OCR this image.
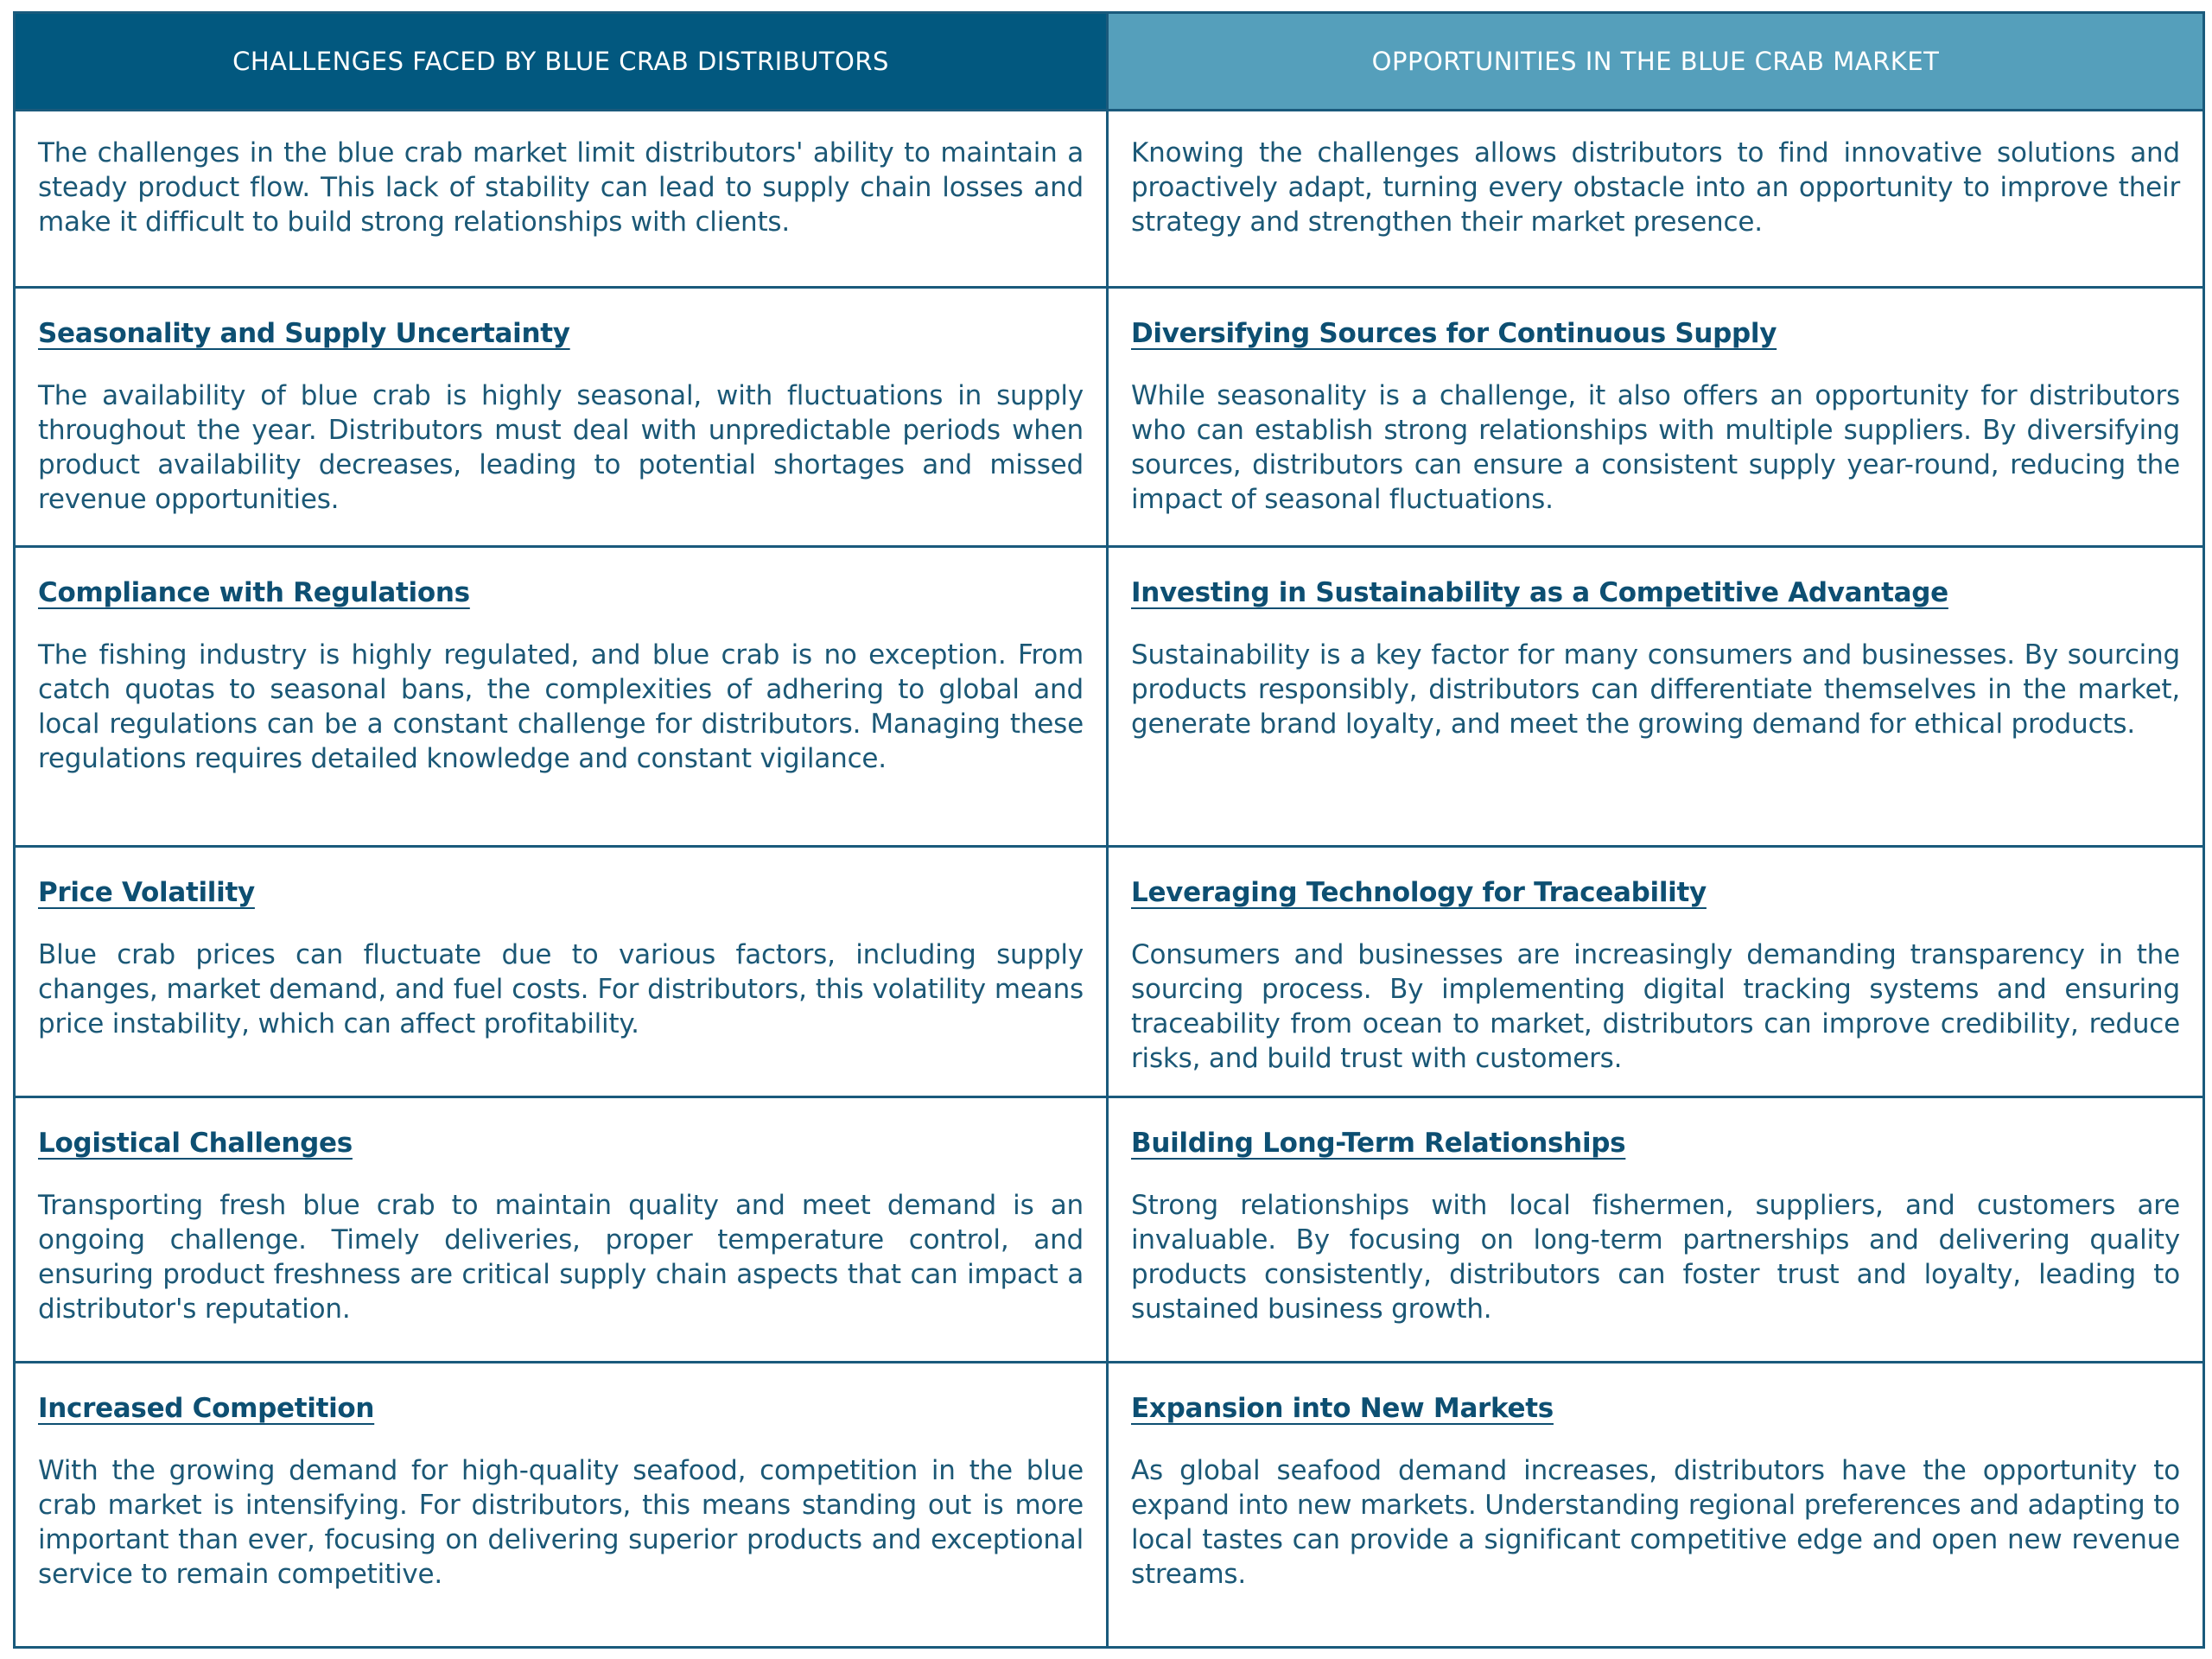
CHALLENGES FACED BY BLUE CRAB DISTRIBUTORS	OPPORTUNITIES IN THE BLUE CRAB MARKET

The challenges in the blue crab market limit distributors' ability to maintain a steady product flow. This lack of stability can lead to supply chain losses and make it difficult to build strong relationships with clients.

Knowing the challenges allows distributors to find innovative solutions and proactively adapt, turning every obstacle into an opportunity to improve their strategy and strengthen their market presence.

Seasonality and Supply Uncertainty

The availability of blue crab is highly seasonal, with fluctuations in supply throughout the year. Distributors must deal with unpredictable periods when product availability decreases, leading to potential shortages and missed revenue opportunities.

Diversifying Sources for Continuous Supply

While seasonality is a challenge, it also offers an opportunity for distributors who can establish strong relationships with multiple suppliers. By diversifying sources, distributors can ensure a consistent supply year-round, reducing the impact of seasonal fluctuations.

Compliance with Regulations

The fishing industry is highly regulated, and blue crab is no exception. From catch quotas to seasonal bans, the complexities of adhering to global and local regulations can be a constant challenge for distributors. Managing these regulations requires detailed knowledge and constant vigilance.

Investing in Sustainability as a Competitive Advantage

Sustainability is a key factor for many consumers and businesses. By sourcing products responsibly, distributors can differentiate themselves in the market, generate brand loyalty, and meet the growing demand for ethical products.

Price Volatility

Blue crab prices can fluctuate due to various factors, including supply changes, market demand, and fuel costs. For distributors, this volatility means price instability, which can affect profitability.

Leveraging Technology for Traceability

Consumers and businesses are increasingly demanding transparency in the sourcing process. By implementing digital tracking systems and ensuring traceability from ocean to market, distributors can improve credibility, reduce risks, and build trust with customers.

Logistical Challenges

Transporting fresh blue crab to maintain quality and meet demand is an ongoing challenge. Timely deliveries, proper temperature control, and ensuring product freshness are critical supply chain aspects that can impact a distributor's reputation.

Building Long-Term Relationships

Strong relationships with local fishermen, suppliers, and customers are invaluable. By focusing on long-term partnerships and delivering quality products consistently, distributors can foster trust and loyalty, leading to sustained business growth.

Increased Competition

With the growing demand for high-quality seafood, competition in the blue crab market is intensifying. For distributors, this means standing out is more important than ever, focusing on delivering superior products and exceptional service to remain competitive.

Expansion into New Markets

As global seafood demand increases, distributors have the opportunity to expand into new markets. Understanding regional preferences and adapting to local tastes can provide a significant competitive edge and open new revenue streams.
